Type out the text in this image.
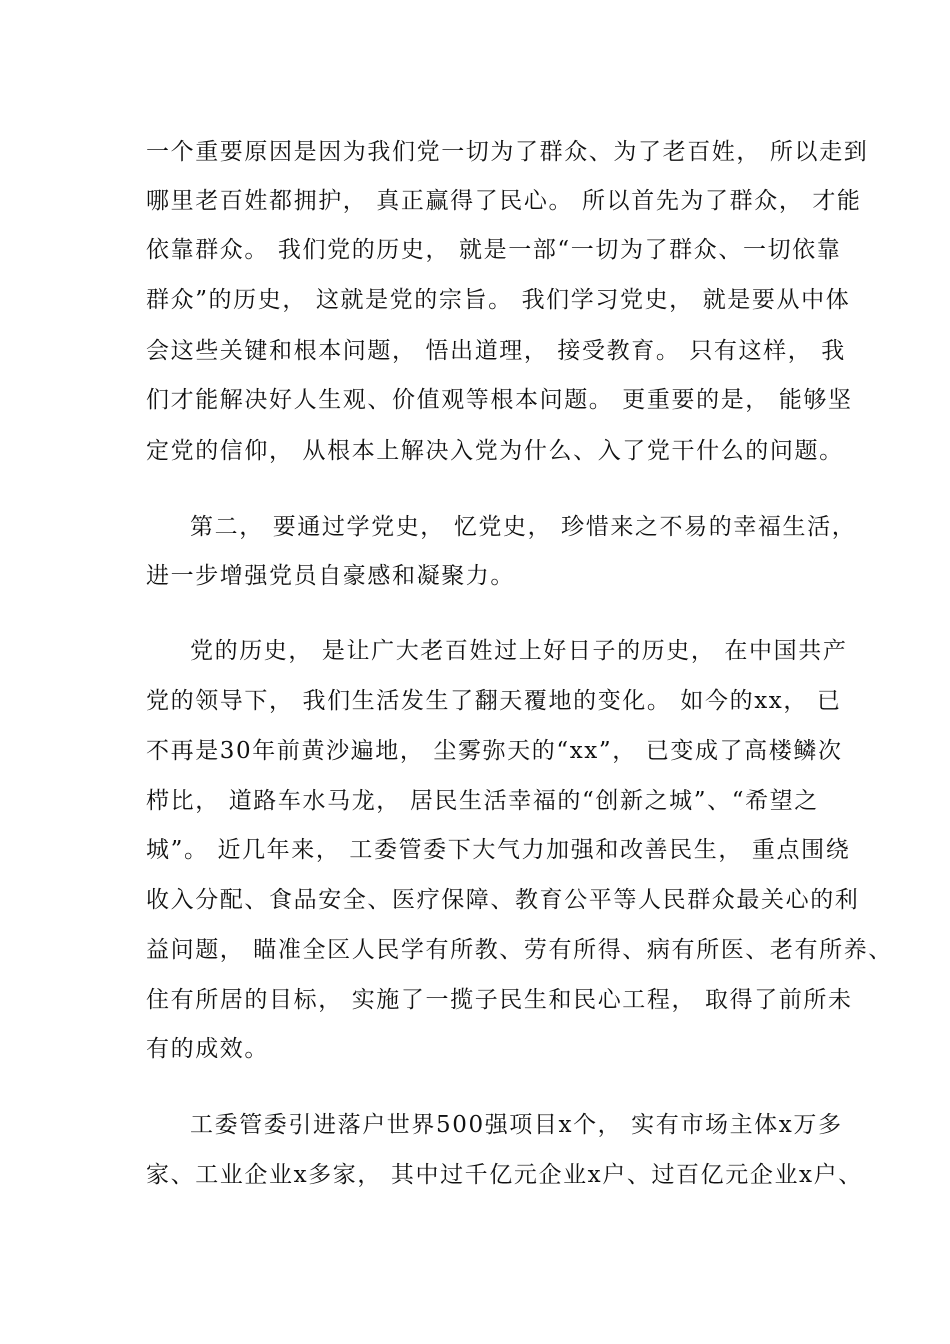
一个重要原因是因为我们党一切为了群众、为了老百姓， 所以走到
哪里老百姓都拥护， 真正赢得了民心。 所以首先为了群众， 才能
依靠群众。 我们党的历史， 就是一部“一切为了群众、一切依靠
群众”的历史， 这就是党的宗旨。 我们学习党史， 就是要从中体
会这些关键和根本问题， 悟出道理， 接受教育。 只有这样， 我
们才能解决好人生观、价值观等根本问题。 更重要的是， 能够坚
定党的信仰， 从根本上解决入党为什么、入了党干什么的问题。
第二， 要通过学党史， 忆党史， 珍惜来之不易的幸福生活，
进一步增强党员自豪感和凝聚力。
党的历史， 是让广大老百姓过上好日子的历史， 在中国共产
党的领导下， 我们生活发生了翻天覆地的变化。 如今的xx， 已
不再是30年前黄沙遍地， 尘雾弥天的“xx”， 已变成了高楼鳞次
栉比， 道路车水马龙， 居民生活幸福的“创新之城”、“希望之
城”。 近几年来， 工委管委下大气力加强和改善民生， 重点围绕
收入分配、食品安全、医疗保障、教育公平等人民群众最关心的利
益问题， 瞄准全区人民学有所教、劳有所得、病有所医、老有所养、
住有所居的目标， 实施了一揽子民生和民心工程， 取得了前所未
有的成效。
工委管委引进落户世界500强项目x个， 实有市场主体x万多
家、工业企业x多家， 其中过千亿元企业x户、过百亿元企业x户、
